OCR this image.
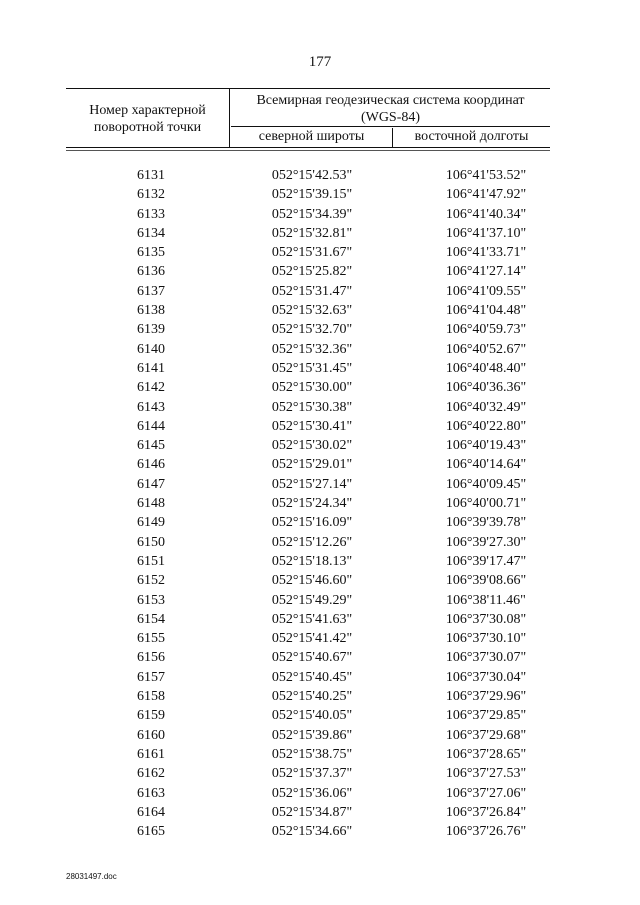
177
Номер характерной
поворотной точки
Всемирная геодезическая система координат
(WGS-84)
северной широты	восточной долготы
6131	052°15'42.53"	106°41'53.52"
6132	052°15'39.15"	106°41'47.92"
6133	052°15'34.39"	106°41'40.34"
6134	052°15'32.81"	106°41'37.10"
6135	052°15'31.67"	106°41'33.71"
6136	052°15'25.82"	106°41'27.14"
6137	052°15'31.47"	106°41'09.55"
6138	052°15'32.63"	106°41'04.48"
6139	052°15'32.70"	106°40'59.73"
6140	052°15'32.36"	106°40'52.67"
6141	052°15'31.45"	106°40'48.40"
6142	052°15'30.00"	106°40'36.36"
6143	052°15'30.38"	106°40'32.49"
6144	052°15'30.41"	106°40'22.80"
6145	052°15'30.02"	106°40'19.43"
6146	052°15'29.01"	106°40'14.64"
6147	052°15'27.14"	106°40'09.45"
6148	052°15'24.34"	106°40'00.71"
6149	052°15'16.09"	106°39'39.78"
6150	052°15'12.26"	106°39'27.30"
6151	052°15'18.13"	106°39'17.47"
6152	052°15'46.60"	106°39'08.66"
6153	052°15'49.29"	106°38'11.46"
6154	052°15'41.63"	106°37'30.08"
6155	052°15'41.42"	106°37'30.10"
6156	052°15'40.67"	106°37'30.07"
6157	052°15'40.45"	106°37'30.04"
6158	052°15'40.25"	106°37'29.96"
6159	052°15'40.05"	106°37'29.85"
6160	052°15'39.86"	106°37'29.68"
6161	052°15'38.75"	106°37'28.65"
6162	052°15'37.37"	106°37'27.53"
6163	052°15'36.06"	106°37'27.06"
6164	052°15'34.87"	106°37'26.84"
6165	052°15'34.66"	106°37'26.76"
28031497.doc
